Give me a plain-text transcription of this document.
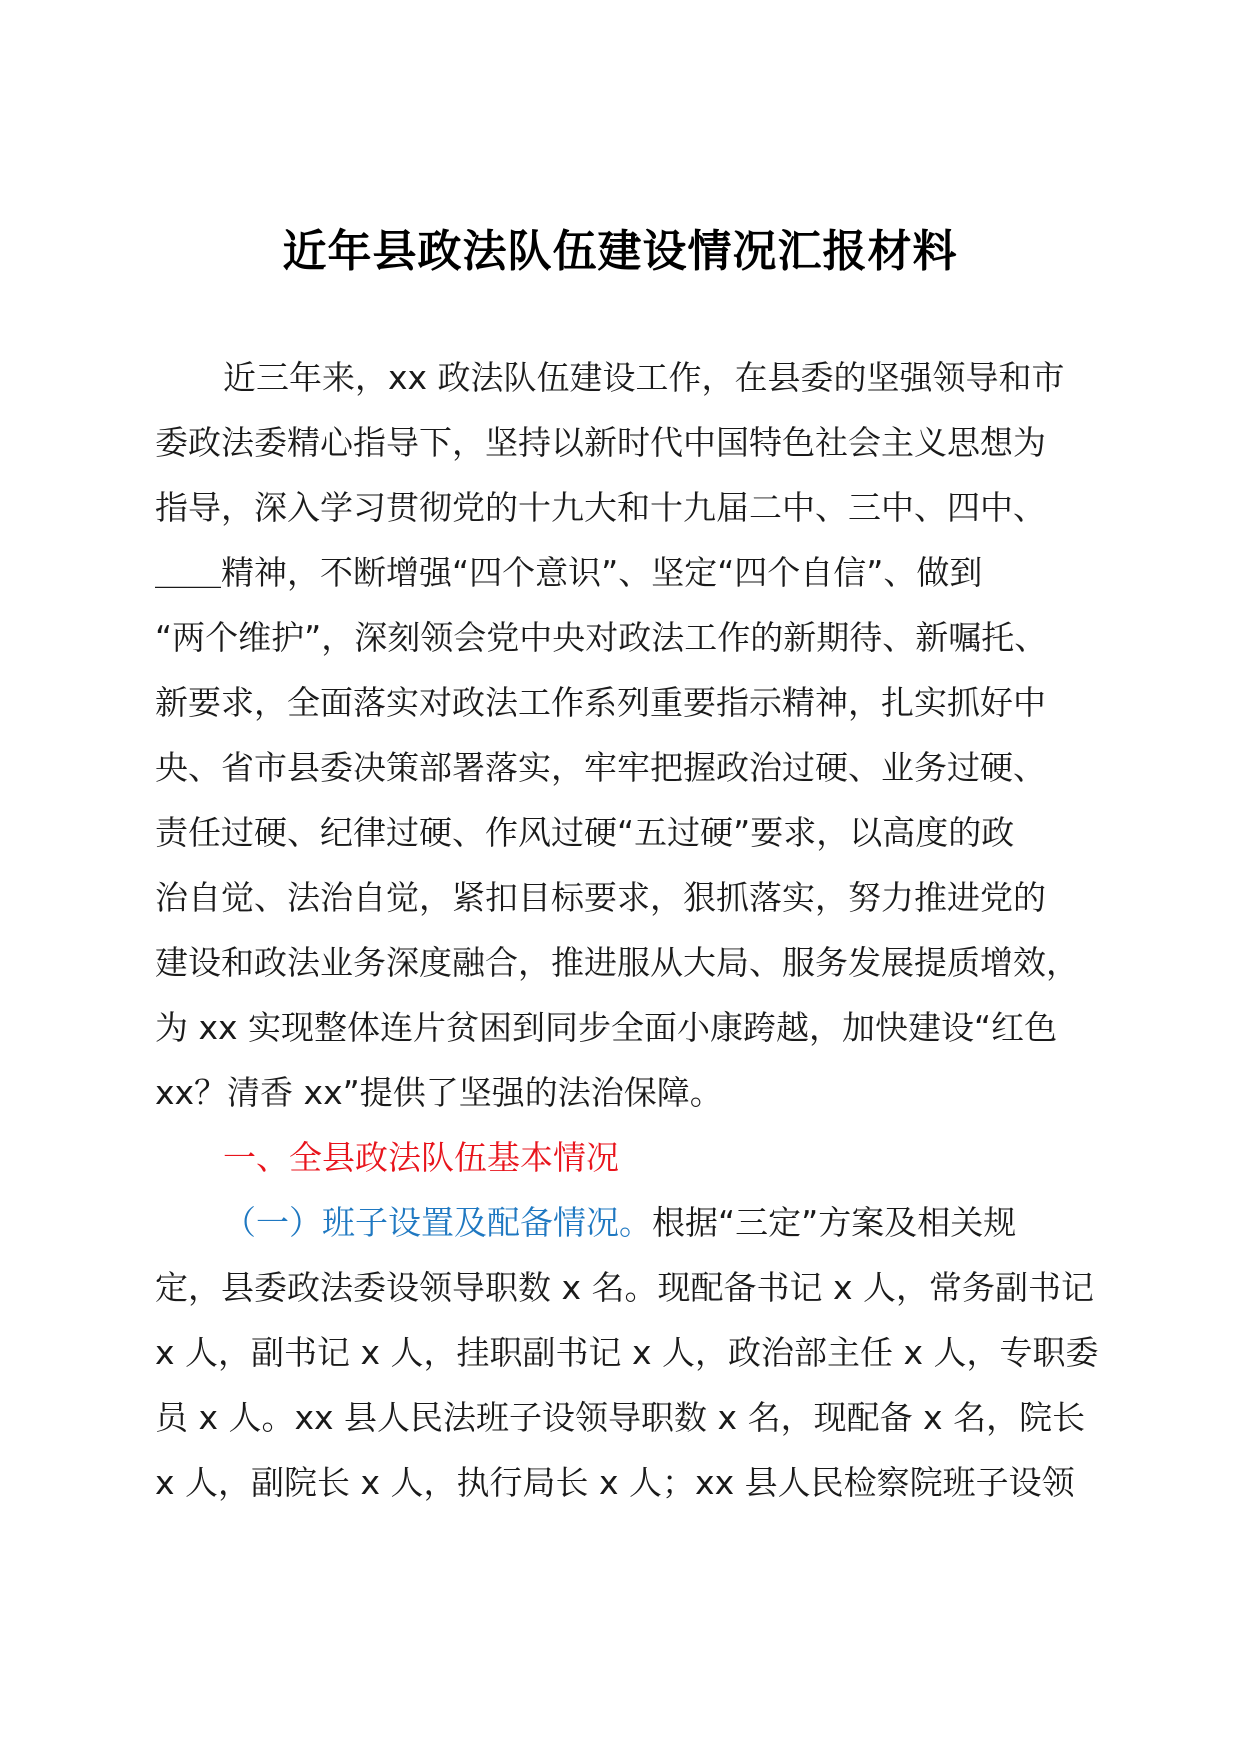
近年县政法队伍建设情况汇报材料
近三年来，xx 政法队伍建设工作，在县委的坚强领导和市
委政法委精心指导下，坚持以新时代中国特色社会主义思想为
指导，深入学习贯彻党的十九大和十九届二中、三中、四中、
＿＿精神，不断增强“四个意识”、坚定“四个自信”、做到
“两个维护”，深刻领会党中央对政法工作的新期待、新嘱托、
新要求，全面落实对政法工作系列重要指示精神，扎实抓好中
央、省市县委决策部署落实，牢牢把握政治过硬、业务过硬、
责任过硬、纪律过硬、作风过硬“五过硬”要求，以高度的政
治自觉、法治自觉，紧扣目标要求，狠抓落实，努力推进党的
建设和政法业务深度融合，推进服从大局、服务发展提质增效，
为 xx 实现整体连片贫困到同步全面小康跨越，加快建设“红色
xx？清香 xx”提供了坚强的法治保障。
一、全县政法队伍基本情况
（一）班子设置及配备情况。根据“三定”方案及相关规
定，县委政法委设领导职数 x 名。现配备书记 x 人，常务副书记
x 人，副书记 x 人，挂职副书记 x 人，政治部主任 x 人，专职委
员 x 人。xx 县人民法班子设领导职数 x 名，现配备 x 名，院长
x 人，副院长 x 人，执行局长 x 人；xx 县人民检察院班子设领
